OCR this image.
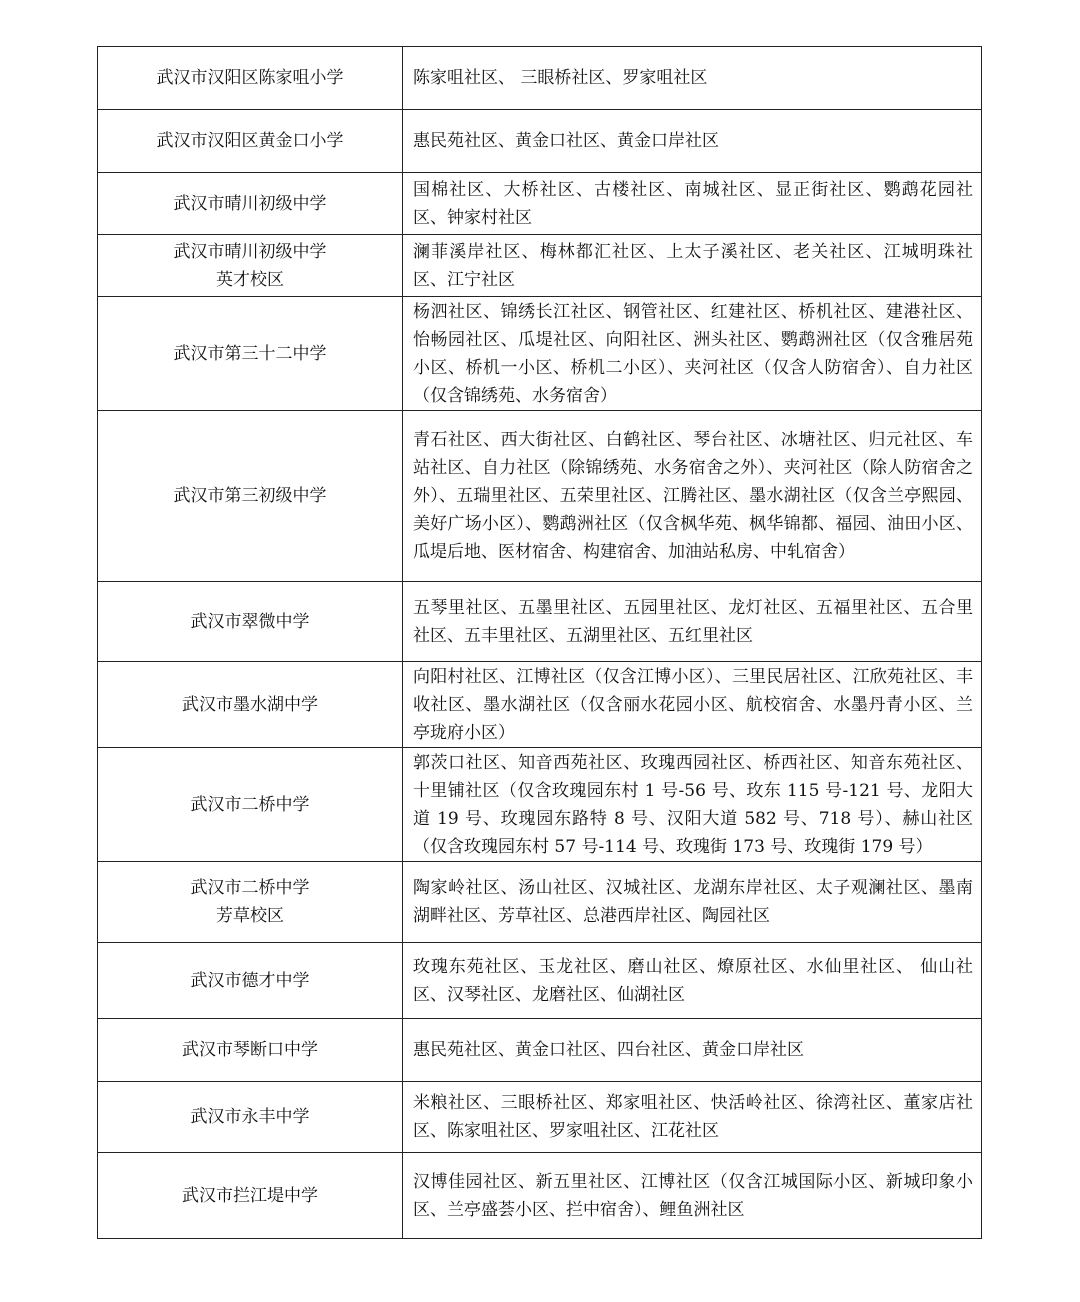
武汉市汉阳区陈家咀小学	陈家咀社区、 三眼桥社区、罗家咀社区

武汉市汉阳区黄金口小学	惠民苑社区、黄金口社区、黄金口岸社区

武汉市晴川初级中学	国棉社区、大桥社区、古楼社区、南城社区、显正街社区、鹦鹉花园社区、钟家村社区

武汉市晴川初级中学
英才校区	澜菲溪岸社区、梅林都汇社区、上太子溪社区、老关社区、江城明珠社区、江宁社区

武汉市第三十二中学	杨泗社区、锦绣长江社区、钢管社区、红建社区、桥机社区、建港社区、怡畅园社区、瓜堤社区、向阳社区、洲头社区、鹦鹉洲社区（仅含雅居苑小区、桥机一小区、桥机二小区）、夹河社区（仅含人防宿舍）、自力社区（仅含锦绣苑、水务宿舍）

武汉市第三初级中学	青石社区、西大街社区、白鹤社区、琴台社区、冰塘社区、归元社区、车站社区、自力社区（除锦绣苑、水务宿舍之外）、夹河社区（除人防宿舍之外）、五瑞里社区、五荣里社区、江腾社区、墨水湖社区（仅含兰亭熙园、美好广场小区）、鹦鹉洲社区（仅含枫华苑、枫华锦都、福园、油田小区、瓜堤后地、医材宿舍、构建宿舍、加油站私房、中轧宿舍）

武汉市翠微中学	五琴里社区、五墨里社区、五园里社区、龙灯社区、五福里社区、五合里社区、五丰里社区、五湖里社区、五红里社区

武汉市墨水湖中学	向阳村社区、江博社区（仅含江博小区）、三里民居社区、江欣苑社区、丰收社区、墨水湖社区（仅含丽水花园小区、航校宿舍、水墨丹青小区、兰亭珑府小区）

武汉市二桥中学	郭茨口社区、知音西苑社区、玫瑰西园社区、桥西社区、知音东苑社区、十里铺社区（仅含玫瑰园东村 1 号-56 号、玫东 115 号-121 号、龙阳大道 19 号、玫瑰园东路特 8 号、汉阳大道 582 号、718 号）、赫山社区（仅含玫瑰园东村 57 号-114 号、玫瑰街 173 号、玫瑰街 179 号）

武汉市二桥中学
芳草校区	陶家岭社区、汤山社区、汉城社区、龙湖东岸社区、太子观澜社区、墨南湖畔社区、芳草社区、总港西岸社区、陶园社区

武汉市德才中学	玫瑰东苑社区、玉龙社区、磨山社区、燎原社区、水仙里社区、 仙山社区、汉琴社区、龙磨社区、仙湖社区

武汉市琴断口中学	惠民苑社区、黄金口社区、四台社区、黄金口岸社区

武汉市永丰中学	米粮社区、三眼桥社区、郑家咀社区、快活岭社区、徐湾社区、董家店社区、陈家咀社区、罗家咀社区、江花社区

武汉市拦江堤中学	汉博佳园社区、新五里社区、江博社区（仅含江城国际小区、新城印象小区、兰亭盛荟小区、拦中宿舍）、鲤鱼洲社区
